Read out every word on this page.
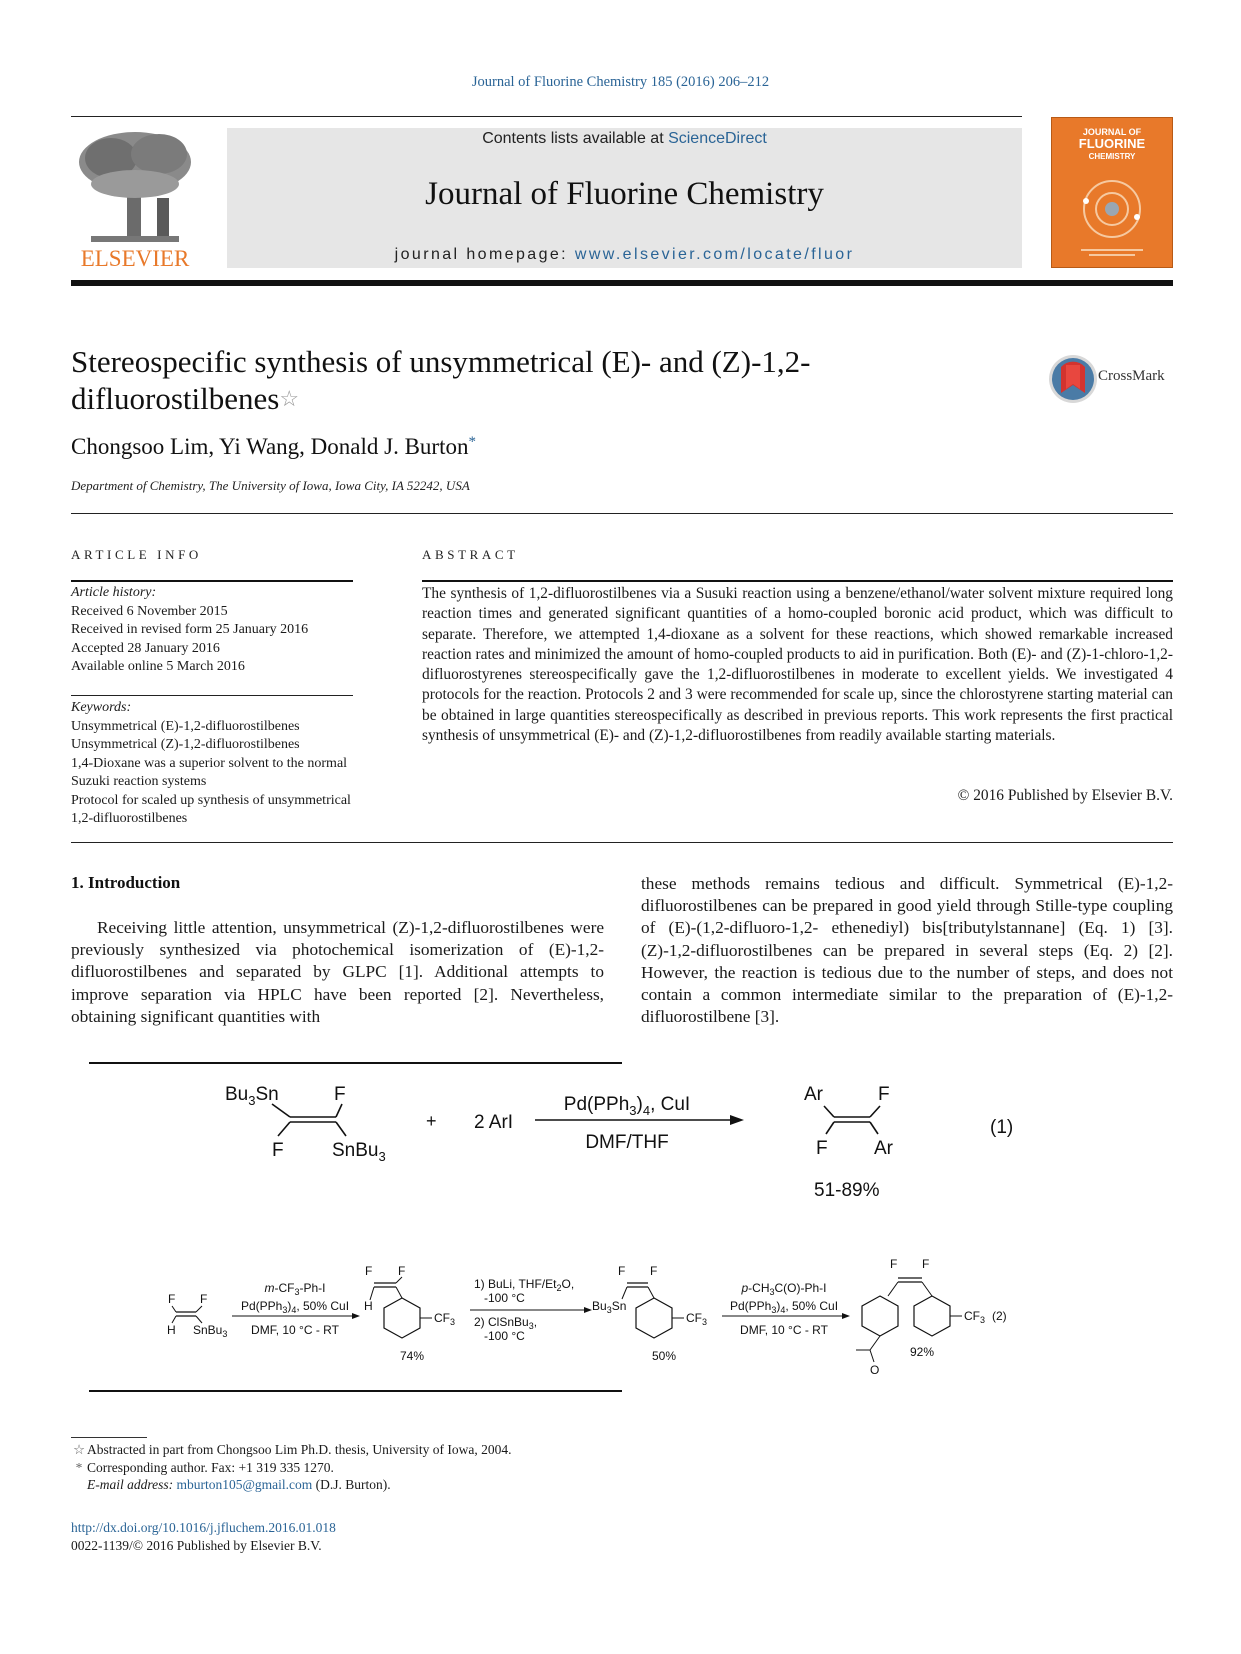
Journal of Fluorine Chemistry 185 (2016) 206–212
ELSEVIER
Contents lists available at ScienceDirect
Journal of Fluorine Chemistry
journal homepage: www.elsevier.com/locate/fluor
JOURNAL OF
FLUORINE
CHEMISTRY
Stereospecific synthesis of unsymmetrical (E)- and (Z)-1,2-difluorostilbenes☆
CrossMark
Chongsoo Lim, Yi Wang, Donald J. Burton*
Department of Chemistry, The University of Iowa, Iowa City, IA 52242, USA
ARTICLE INFO	ABSTRACT
Article history:
Received 6 November 2015
Received in revised form 25 January 2016
Accepted 28 January 2016
Available online 5 March 2016
Keywords:
Unsymmetrical (E)-1,2-difluorostilbenes
Unsymmetrical (Z)-1,2-difluorostilbenes
1,4-Dioxane was a superior solvent to the normal Suzuki reaction systems
Protocol for scaled up synthesis of unsymmetrical 1,2-difluorostilbenes
The synthesis of 1,2-difluorostilbenes via a Susuki reaction using a benzene/ethanol/water solvent mixture required long reaction times and generated significant quantities of a homo-coupled boronic acid product, which was difficult to separate. Therefore, we attempted 1,4-dioxane as a solvent for these reactions, which showed remarkable increased reaction rates and minimized the amount of homo-coupled products to aid in purification. Both (E)- and (Z)-1-chloro-1,2-difluorostyrenes stereospecifically gave the 1,2-difluorostilbenes in moderate to excellent yields. We investigated 4 protocols for the reaction. Protocols 2 and 3 were recommended for scale up, since the chlorostyrene starting material can be obtained in large quantities stereospecifically as described in previous reports. This work represents the first practical synthesis of unsymmetrical (E)- and (Z)-1,2-difluorostilbenes from readily available starting materials.
© 2016 Published by Elsevier B.V.
1. Introduction
Receiving little attention, unsymmetrical (Z)-1,2-difluorostilbenes were previously synthesized via photochemical isomerization of (E)-1,2-difluorostilbenes and separated by GLPC [1]. Additional attempts to improve separation via HPLC have been reported [2]. Nevertheless, obtaining significant quantities with
these methods remains tedious and difficult. Symmetrical (E)-1,2-difluorostilbenes can be prepared in good yield through Stille-type coupling of (E)-(1,2-difluoro-1,2- ethenediyl) bis[tributylstannane] (Eq. 1) [3]. (Z)-1,2-difluorostilbenes can be prepared in several steps (Eq. 2) [2]. However, the reaction is tedious due to the number of steps, and does not contain a common intermediate similar to the preparation of (E)-1,2-difluorostilbene [3].
$Bu_3Sn$	F
F	SnBu$_3$
+ 2 ArI
$Pd(PPh_3)_4$, CuI
DMF/THF
Ar	F
F Ar
51-89%
(1)
F F
H SnBu$_3$
$m-CF_3-Ph-I$
$Pd(PPh_3)_4$, 50% CuI
DMF, 10 °C - RT
F F
H
$CF_3$
74%
1) BuLi, THF/$Et_2O$,
-100 °C
2) ClSnBu$_3$,
-100 °C
F F
$Bu_3Sn$
$CF_3$
50%
$p-CH_3C(O)-Ph-I$
$Pd(PPh_3)_4$, 50% CuI
DMF, 10 °C - RT
F F
$CF_3$ (2)
O
92%
☆ Abstracted in part from Chongsoo Lim Ph.D. thesis, University of Iowa, 2004.
* Corresponding author. Fax: +1 319 335 1270.
E-mail address: mburton105@gmail.com (D.J. Burton).
http://dx.doi.org/10.1016/j.jfluchem.2016.01.018
0022-1139/© 2016 Published by Elsevier B.V.
